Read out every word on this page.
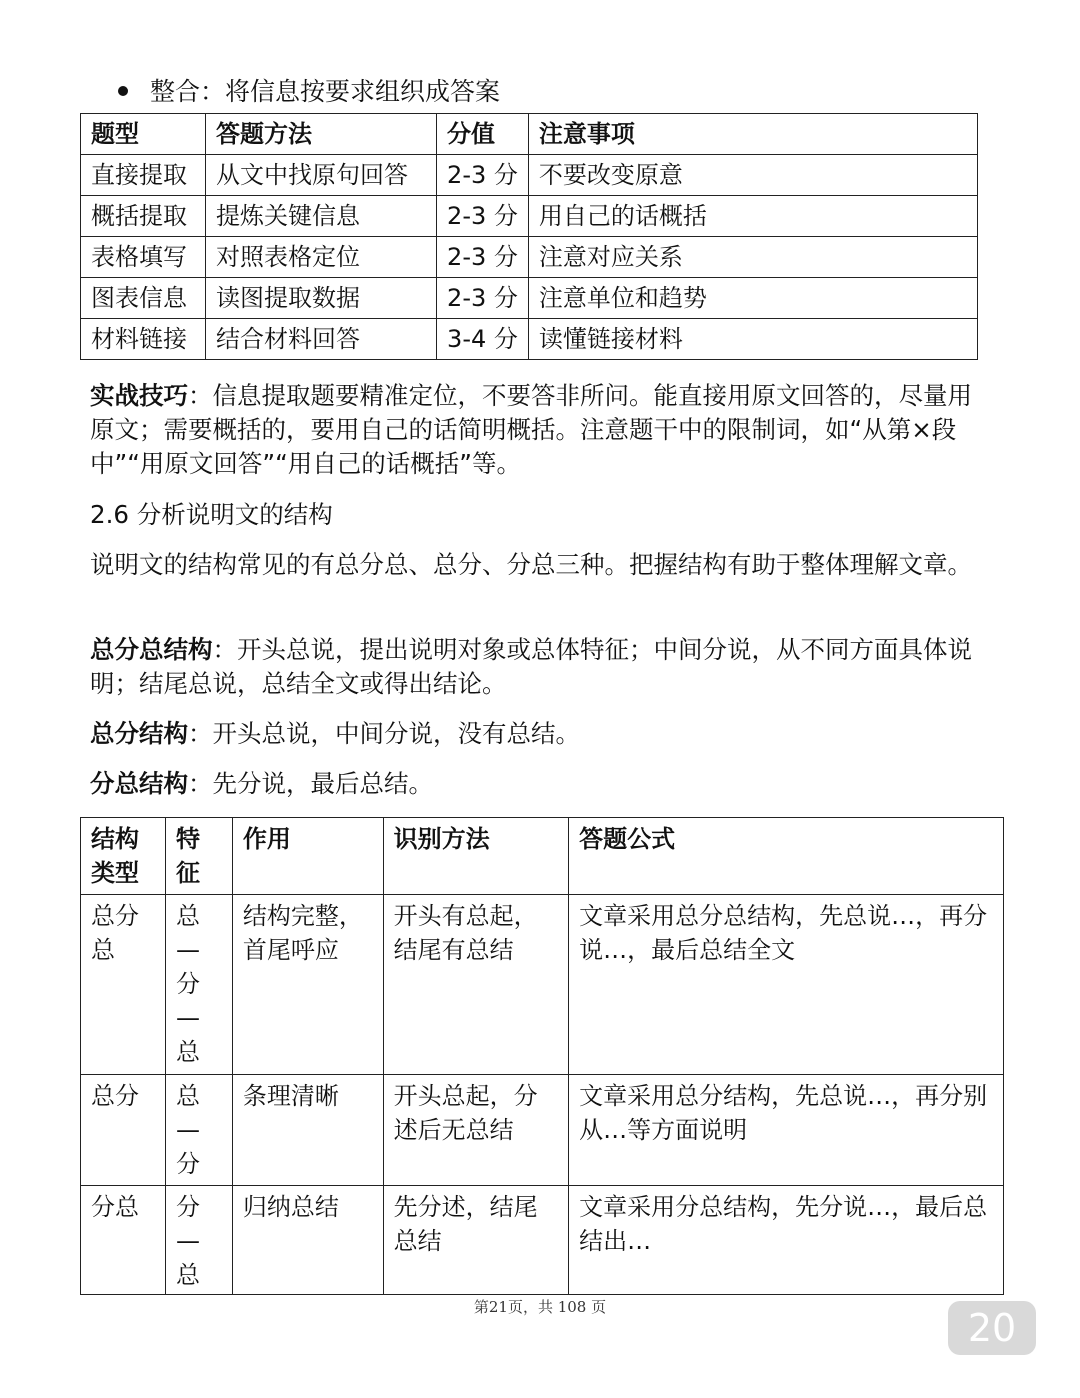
整合：将信息按要求组织成答案
题型	答题方法	分值	注意事项
直接提取	从文中找原句回答	2-3 分	不要改变原意
概括提取	提炼关键信息	2-3 分	用自己的话概括
表格填写	对照表格定位	2-3 分	注意对应关系
图表信息	读图提取数据	2-3 分	注意单位和趋势
材料链接	结合材料回答	3-4 分	读懂链接材料
实战技巧：信息提取题要精准定位，不要答非所问。能直接用原文回答的，尽量用原文；需要概括的，要用自己的话简明概括。注意题干中的限制词，如“从第×段中”“用原文回答”“用自己的话概括”等。
2.6 分析说明文的结构
说明文的结构常见的有总分总、总分、分总三种。把握结构有助于整体理解文章。
总分总结构：开头总说，提出说明对象或总体特征；中间分说，从不同方面具体说明；结尾总说，总结全文或得出结论。
总分结构：开头总说，中间分说，没有总结。
分总结构：先分说，最后总结。
结构类型	特征	作用	识别方法	答题公式

总分总	总—分—总	结构完整，首尾呼应	开头有总起，结尾有总结	文章采用总分总结构，先总说…，再分说…，最后总结全文

总分	总—分	条理清晰	开头总起，分述后无总结	文章采用总分结构，先总说…，再分别从…等方面说明

分总	分—总	归纳总结	先分述，结尾总结	文章采用分总结构，先分说…，最后总结出…
第21页，共 108 页	20
